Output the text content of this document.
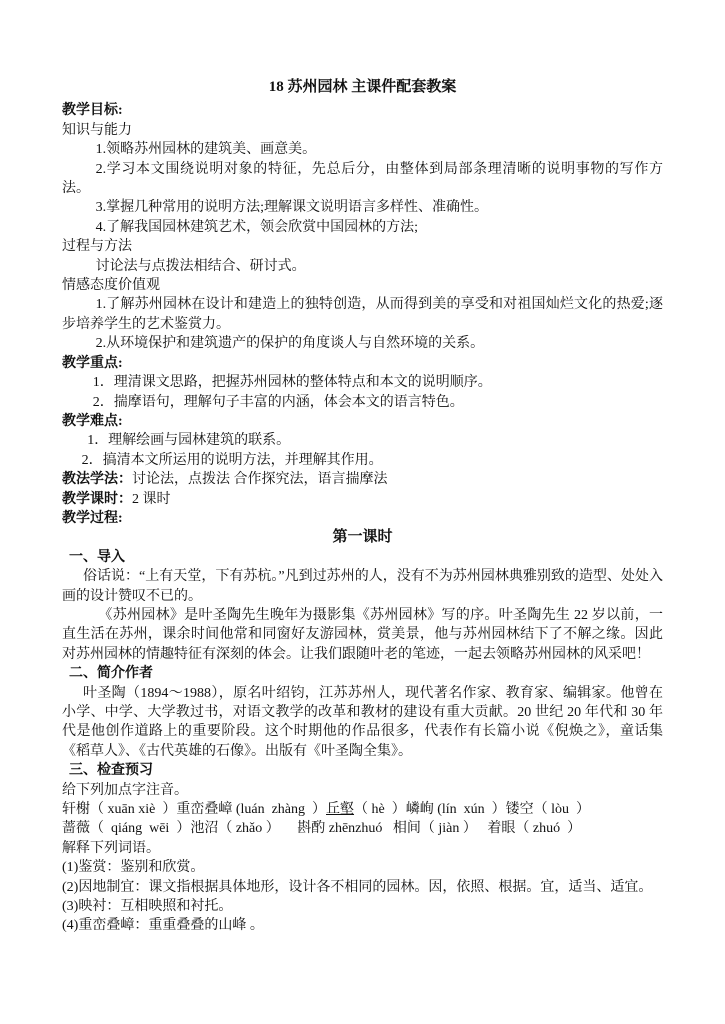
18 苏州园林 主课件配套教案

教学目标:

知识与能力

1.领略苏州园林的建筑美、画意美。

2.学习本文围绕说明对象的特征，先总后分，由整体到局部条理清晰的说明事物的写作方法。

3.掌握几种常用的说明方法;理解课文说明语言多样性、准确性。

4.了解我国园林建筑艺术，领会欣赏中国园林的方法;

过程与方法

讨论法与点拨法相结合、研讨式。

情感态度价值观

1.了解苏州园林在设计和建造上的独特创造，从而得到美的享受和对祖国灿烂文化的热爱;逐步培养学生的艺术鉴赏力。

2.从环境保护和建筑遗产的保护的角度谈人与自然环境的关系。

教学重点:

1．理清课文思路，把握苏州园林的整体特点和本文的说明顺序。

2．揣摩语句，理解句子丰富的内涵，体会本文的语言特色。

教学难点:

1．理解绘画与园林建筑的联系。

2．搞清本文所运用的说明方法，并理解其作用。

教法学法：讨论法，点拨法 合作探究法，语言揣摩法

教学课时：2 课时

教学过程:

第一课时

一、导入

俗话说：“上有天堂，下有苏杭。”凡到过苏州的人，没有不为苏州园林典雅别致的造型、处处入画的设计赞叹不已的。

《苏州园林》是叶圣陶先生晚年为摄影集《苏州园林》写的序。叶圣陶先生 22 岁以前，一直生活在苏州，课余时间他常和同窗好友游园林，赏美景，他与苏州园林结下了不解之缘。因此对苏州园林的情趣特征有深刻的体会。让我们跟随叶老的笔迹，一起去领略苏州园林的风采吧！

二、简介作者

叶圣陶（1894～1988），原名叶绍钧，江苏苏州人，现代著名作家、教育家、编辑家。他曾在小学、中学、大学教过书，对语文教学的改革和教材的建设有重大贡献。20 世纪 20 年代和 30 年代是他创作道路上的重要阶段。这个时期他的作品很多，代表作有长篇小说《倪焕之》，童话集《稻草人》、《古代英雄的石像》。出版有《叶圣陶全集》。

三、检查预习

给下列加点字注音。

轩榭（ xuān xiè  ）重峦叠嶂 (luán  zhàng  ）丘壑（ hè  ）嶙峋 (lín  xún  ）镂空（ lòu  ）

蔷薇（  qiáng  wēi  ）池沼（ zhǎo ）     斟酌 zhēnzhuó   相间（ jiàn ）   着眼（ zhuó  ）

解释下列词语。

(1)鉴赏：鉴别和欣赏。

(2)因地制宜：课文指根据具体地形，设计各不相同的园林。因，依照、根据。宜，适当、适宜。

(3)映衬：互相映照和衬托。

(4)重峦叠嶂：重重叠叠的山峰 。
